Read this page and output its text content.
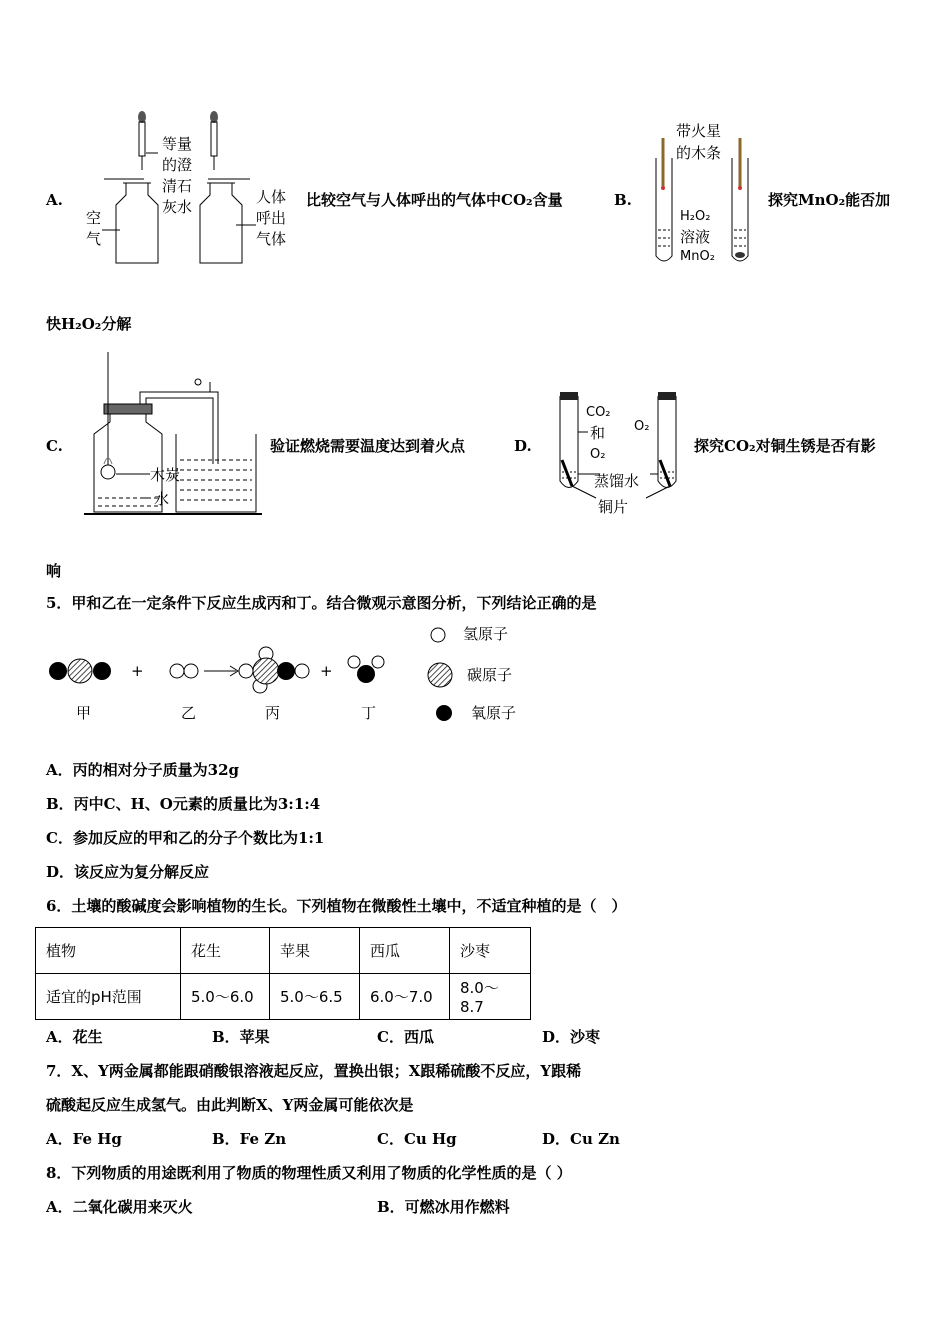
A.
等量
的澄
清石
灰水
空
气
人体
呼出
气体
比较空气与人体呼出的气体中CO₂含量	B.
带火星
的木条
H₂O₂
溶液
MnO₂
探究MnO₂能否加
快H₂O₂分解
C.
木炭
水
验证燃烧需要温度达到着火点	D.
CO₂
和
O₂
O₂
蒸馏水
铜片
探究CO₂对铜生锈是否有影
响
5．甲和乙在一定条件下反应生成丙和丁。结合微观示意图分析，下列结论正确的是
+	+
氢原子
碳原子
氧原子
甲	乙	丙	丁
A．丙的相对分子质量为32g
B．丙中C、H、O元素的质量比为3:1:4
C．参加反应的甲和乙的分子个数比为1:1
D．该反应为复分解反应
6．土壤的酸碱度会影响植物的生长。下列植物在微酸性土壤中，不适宜种植的是（　）
植物	花生	苹果	西瓜	沙枣
适宜的pH范围	5.0～6.0	5.0～6.5	6.0～7.0	8.0～8.7
A．花生	B．苹果	C．西瓜	D．沙枣
7．X、Y两金属都能跟硝酸银溶液起反应，置换出银；X跟稀硫酸不反应，Y跟稀
硫酸起反应生成氢气。由此判断X、Y两金属可能依次是
A．Fe Hg	B．Fe Zn	C．Cu Hg	D．Cu Zn
8．下列物质的用途既利用了物质的物理性质又利用了物质的化学性质的是（ ）
A．二氧化碳用来灭火	B．可燃冰用作燃料
